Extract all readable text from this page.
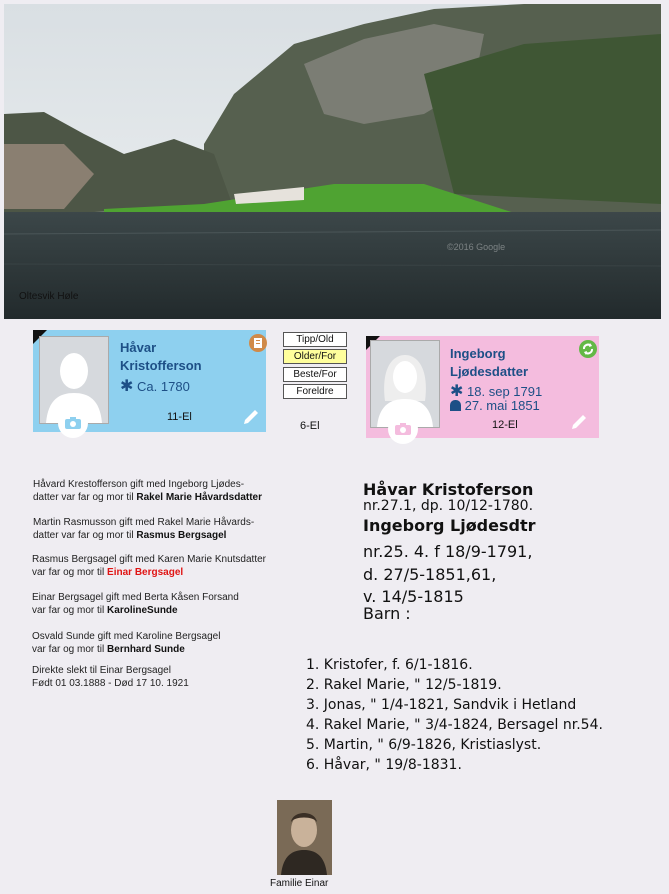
©2016 Google
Oltesvik Høle
Håvar
Kristofferson
✱ Ca. 1780
11-El
Tipp/Old
Older/For
Beste/For
Foreldre
6-El
Ingeborg
Ljødesdatter
✱ 18. sep 1791
27. mai 1851
12-El
Håvard Krestofferson gift med Ingeborg Ljødes-
datter var far og mor til Rakel Marie Håvardsdatter
Martin Rasmusson gift med Rakel Marie Håvards-
datter var far og mor til Rasmus Bergsagel
Rasmus Bergsagel gift med Karen Marie Knutsdatter
var far og mor til Einar Bergsagel
Einar Bergsagel gift med Berta Kåsen Forsand
var far og mor til KarolineSunde
Osvald Sunde gift med Karoline Bergsagel
var far og mor til Bernhard Sunde
Direkte slekt til Einar Bergsagel
Født 01 03.1888 - Død 17 10. 1921
Håvar Kristoferson
nr.27.1, dp. 10/12-1780.
Ingeborg Ljødesdtr
nr.25. 4. f 18/9-1791,
d. 27/5-1851,61,
v. 14/5-1815
Barn :
1. Kristofer, f. 6/1-1816.
2. Rakel Marie, " 12/5-1819.
3. Jonas, " 1/4-1821, Sandvik i Hetland
4. Rakel Marie, " 3/4-1824, Bersagel nr.54.
5. Martin, " 6/9-1826, Kristiaslyst.
6. Håvar, " 19/8-1831.
Familie Einar
